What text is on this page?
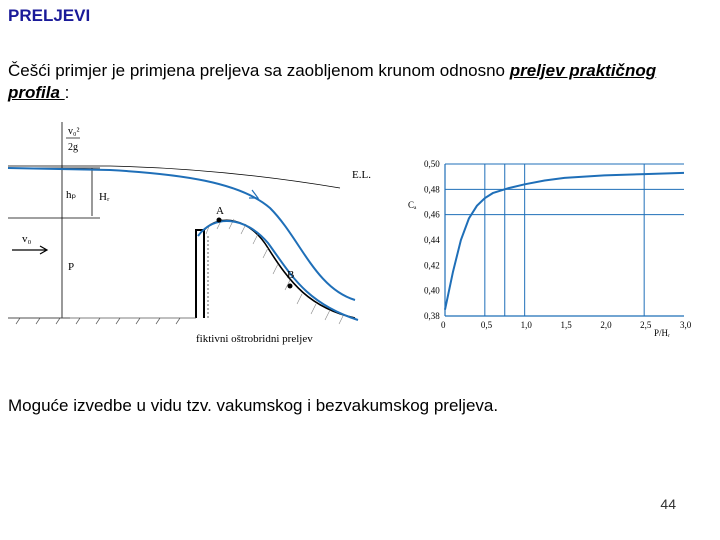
PRELJEVI
Češći primjer je primjena preljeva sa zaobljenom krunom odnosno preljev praktičnog profila :
v₀²
2g
hₚ Hᵣ
v₀
P
E.L.
A
B
fiktivni oštrobridni preljev
Cₐ
P/Hᵣ
0,50
0,48
0,46
0,44
0,42
0,40
0,38
0	0,5	1,0	1,5	2,0	2,5	3,0
Moguće izvedbe u vidu tzv. vakumskog i bezvakumskog preljeva.
44
